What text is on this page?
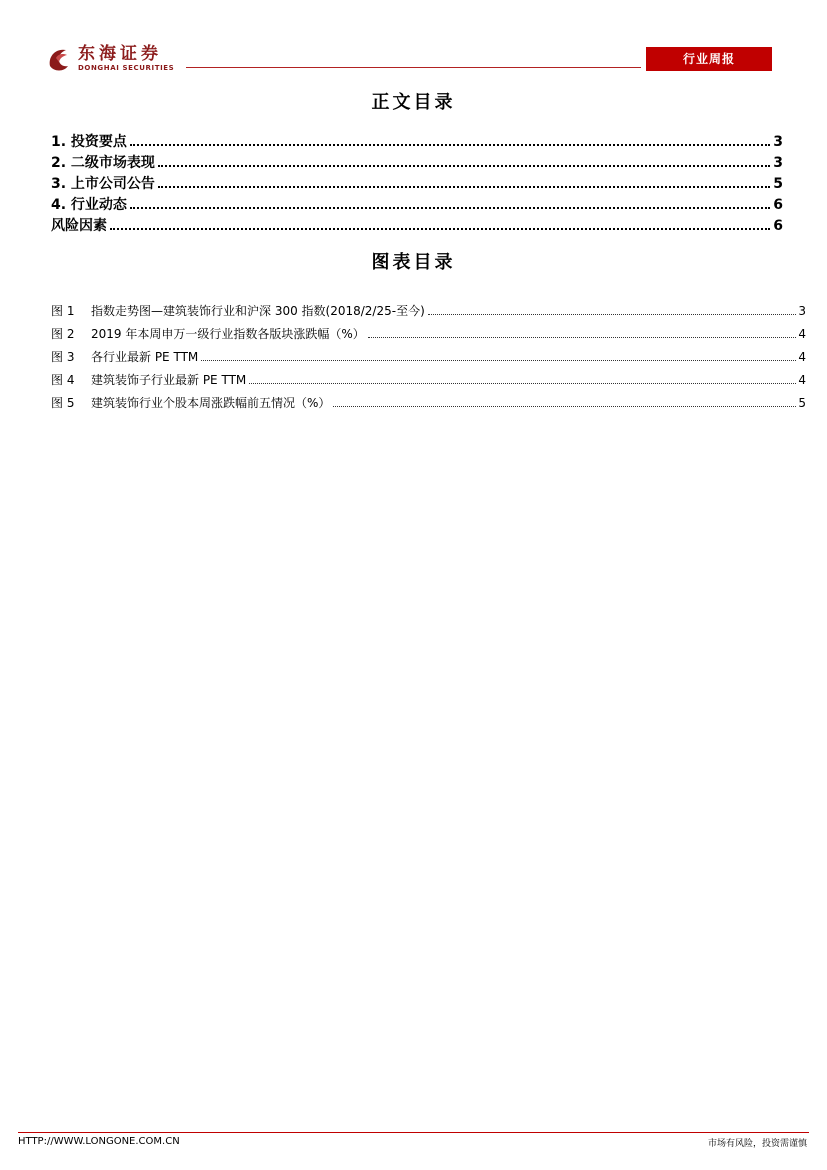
东海证券
DONGHAI SECURITIES
行业周报
正文目录
1. 投资要点	3
2. 二级市场表现	3
3. 上市公司公告	5
4. 行业动态	6
风险因素	6
图表目录
图 1	指数走势图—建筑装饰行业和沪深 300 指数(2018/2/25-至今)	3
图 2	2019 年本周申万一级行业指数各版块涨跌幅（%）	4
图 3	各行业最新 PE TTM	4
图 4	建筑装饰子行业最新 PE TTM	4
图 5	建筑装饰行业个股本周涨跌幅前五情况（%）	5
HTTP://WWW.LONGONE.COM.CN	市场有风险，投资需谨慎
